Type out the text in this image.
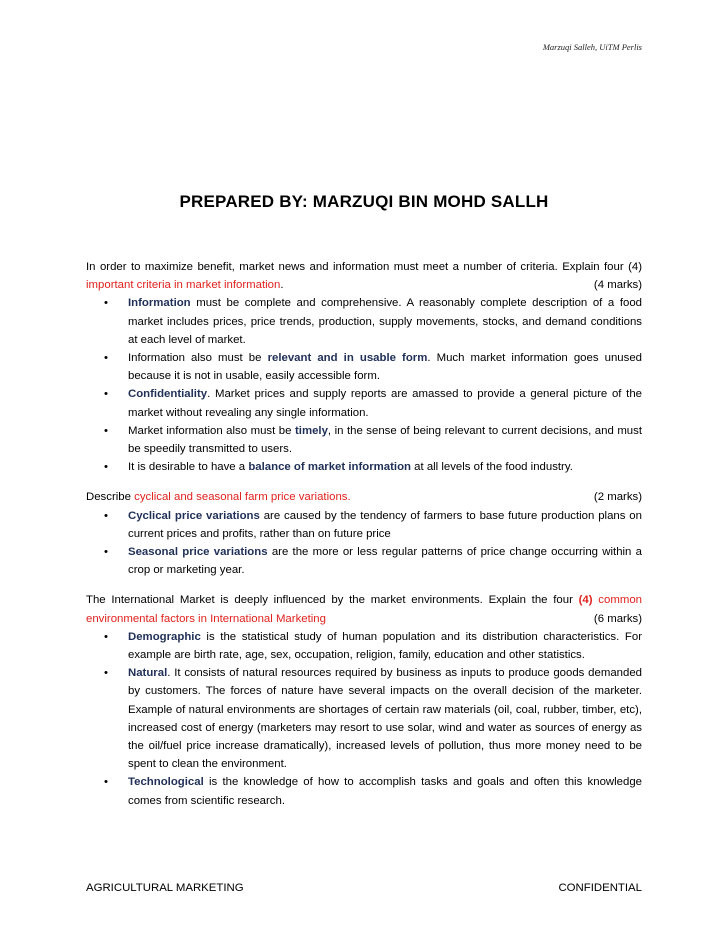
Marzuqi Salleh, UiTM Perlis
PREPARED BY: MARZUQI BIN MOHD SALLH
In order to maximize benefit, market news and information must meet a number of criteria. Explain four (4) important criteria in market information.	(4 marks)
• Information must be complete and comprehensive. A reasonably complete description of a food market includes prices, price trends, production, supply movements, stocks, and demand conditions at each level of market.
• Information also must be relevant and in usable form. Much market information goes unused because it is not in usable, easily accessible form.
• Confidentiality. Market prices and supply reports are amassed to provide a general picture of the market without revealing any single information.
• Market information also must be timely, in the sense of being relevant to current decisions, and must be speedily transmitted to users.
• It is desirable to have a balance of market information at all levels of the food industry.
Describe cyclical and seasonal farm price variations.	(2 marks)
• Cyclical price variations are caused by the tendency of farmers to base future production plans on current prices and profits, rather than on future price
• Seasonal price variations are the more or less regular patterns of price change occurring within a crop or marketing year.
The International Market is deeply influenced by the market environments. Explain the four (4) common environmental factors in International Marketing	(6 marks)
• Demographic is the statistical study of human population and its distribution characteristics. For example are birth rate, age, sex, occupation, religion, family, education and other statistics.
• Natural. It consists of natural resources required by business as inputs to produce goods demanded by customers. The forces of nature have several impacts on the overall decision of the marketer. Example of natural environments are shortages of certain raw materials (oil, coal, rubber, timber, etc), increased cost of energy (marketers may resort to use solar, wind and water as sources of energy as the oil/fuel price increase dramatically), increased levels of pollution, thus more money need to be spent to clean the environment.
• Technological is the knowledge of how to accomplish tasks and goals and often this knowledge comes from scientific research.
AGRICULTURAL MARKETING	CONFIDENTIAL
